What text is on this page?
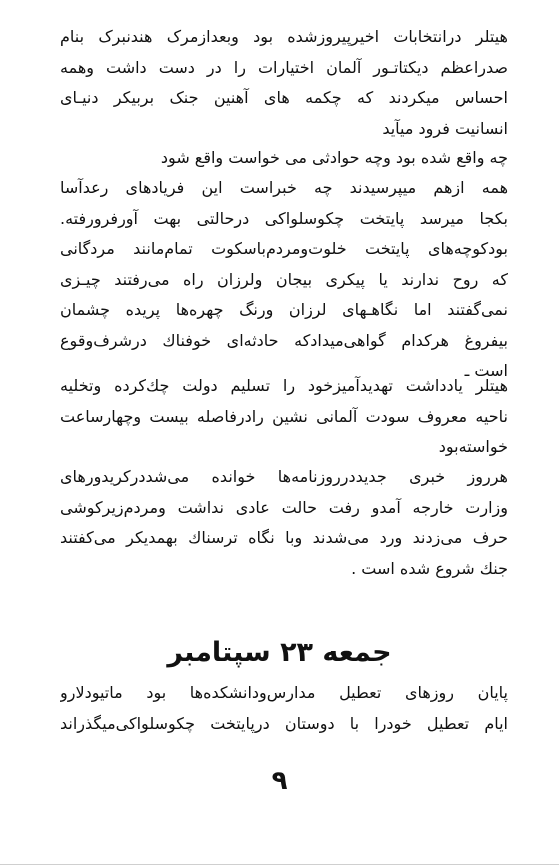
هیتلر درانتخابات اخیرپیروزشده بود وبعدازمرک هندنبرک بنام
صدراعظم دیکتاتـور آلمان اختیارات را در دست داشت وهمه
احساس میکردند که چکمه های آهنین جنک بربیکر دنیـای
انسانیت فرود میآید
چه واقع شده بود وچه حوادثی می خواست واقع شود
همه ازهم میپرسیدند چه خبراست این فریادهای رعدآسا
بکجا میرسد پایتخت چکوسلواکی درحالتی بهت آورفرورفته.
بودکوچه‌های پایتخت خلوت‌ومردم‌باسکوت تمام‌مانند مردگانی
که روح ندارند یا پیکری بیجان ولرزان راه می‌رفتند چیـزی
نمی‌گفتند اما نگاهـهای لرزان ورنگ چهره‌ها پریده چشمان
بیفروغ هرکدام گواهی‌میدادکه حادثه‌ای خوفناك درشرف‌وقوع
است ـ
هیتلر یادداشت تهدیدآمیزخود را تسلیم دولت چك‌کرده وتخلیه
ناحیه معروف سودت آلمانی نشین رادرفاصله بیست وچهارساعت
خواسته‌بود
هرروز خبری جدیددرروزنامه‌ها خوانده می‌شددرکریدورهای
وزارت خارجه آمدو رفت حالت عادی نداشت ومردم‌زیرکوشی
حرف می‌زدند ورد می‌شدند وبا نگاه ترسناك بهمدیکر می‌کفتند
جنك شروع شده است .
جمعه ۲۳ سپتامبر
پایان روزهای تعطیل مدارس‌ودانشکده‌ها بود ماتیودلارو
ایام تعطیل خودرا با دوستان درپایتخت چکوسلواکی‌میگذراند
۹
